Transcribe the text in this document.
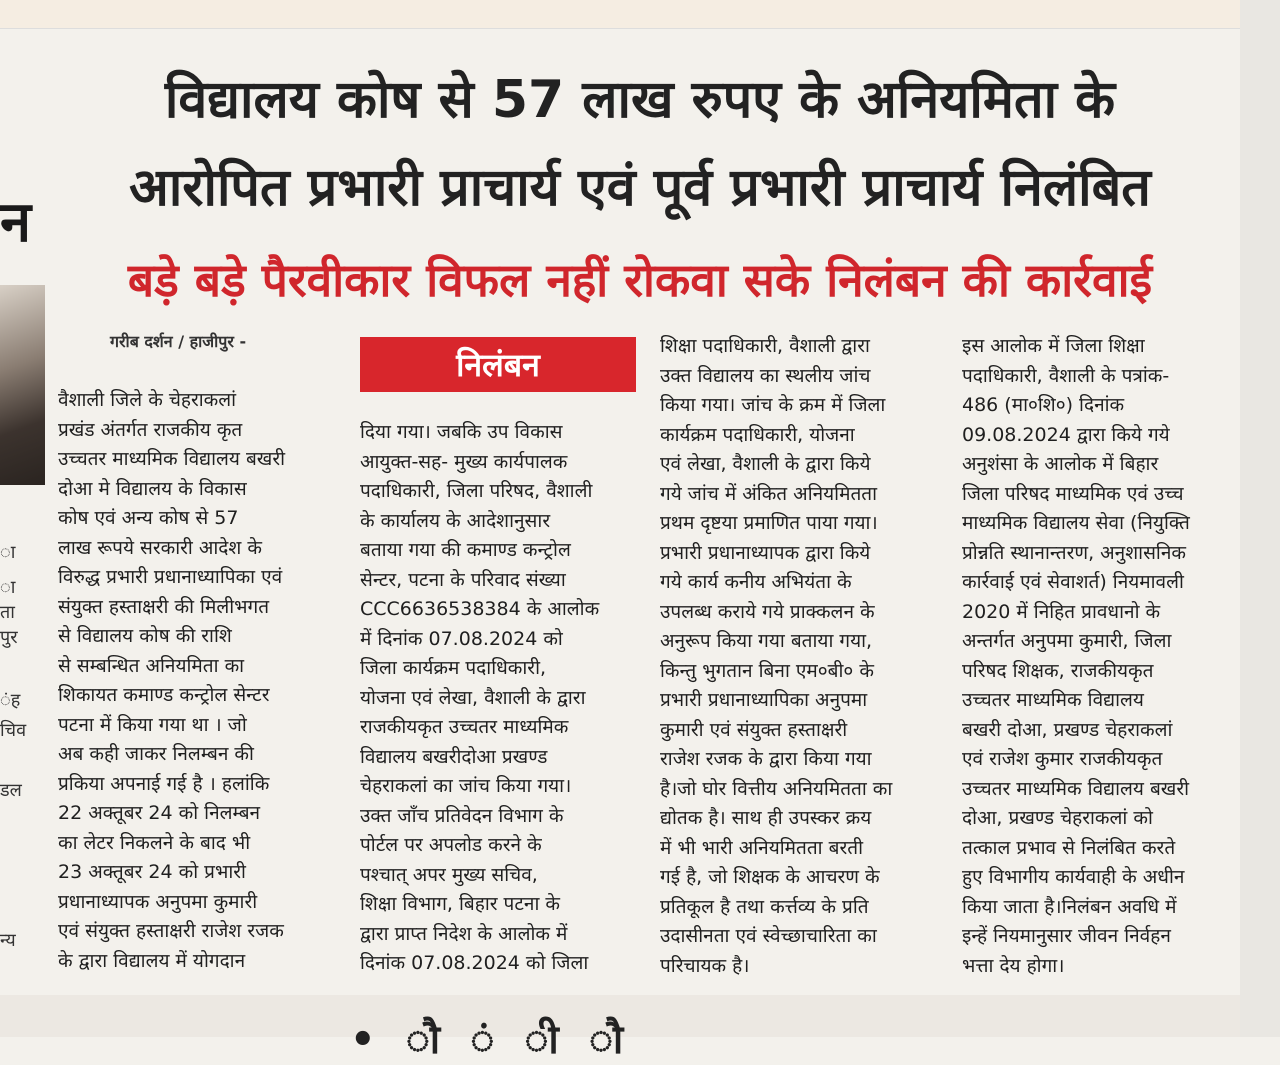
न
ा
ा
ता
पुर
ंह
चिव
डल
न्य
विद्यालय कोष से 57 लाख रुपए के अनियमिता के
आरोपित प्रभारी प्राचार्य एवं पूर्व प्रभारी प्राचार्य निलंबित
बड़े बड़े पैरवीकार विफल नहीं रोकवा सके निलंबन की कार्रवाई
गरीब दर्शन / हाजीपुर -
निलंबन

वैशाली जिले के चेहराकलां

प्रखंड अंतर्गत राजकीय कृत

उच्चतर माध्यमिक विद्यालय बखरी

दोआ मे विद्यालय के विकास

कोष एवं अन्य कोष से 57

लाख रूपये सरकारी आदेश के

विरुद्ध प्रभारी प्रधानाध्यापिका एवं

संयुक्त हस्ताक्षरी की मिलीभगत

से विद्यालय कोष की राशि

से सम्बन्धित अनियमिता का

शिकायत कमाण्ड कन्ट्रोल सेन्टर

पटना में किया गया था । जो

अब कही जाकर निलम्बन की

प्रकिया अपनाई गई है । हलांकि

22 अक्तूबर 24 को निलम्बन

का लेटर निकलने के बाद भी

23 अक्तूबर 24 को प्रभारी

प्रधानाध्यापक अनुपमा कुमारी

एवं संयुक्त हस्ताक्षरी राजेश रजक

के द्वारा विद्यालय में योगदान

दिया गया। जबकि उप विकास

आयुक्त-सह- मुख्य कार्यपालक

पदाधिकारी, जिला परिषद, वैशाली

के कार्यालय के आदेशानुसार

बताया गया की कमाण्ड कन्ट्रोल

सेन्टर, पटना के परिवाद संख्या

CCC6636538384 के आलोक

में दिनांक 07.08.2024 को

जिला कार्यक्रम पदाधिकारी,

योजना एवं लेखा, वैशाली के द्वारा

राजकीयकृत उच्चतर माध्यमिक

विद्यालय बखरीदोआ प्रखण्ड

चेहराकलां का जांच किया गया।

उक्त जाँच प्रतिवेदन विभाग के

पोर्टल पर अपलोड करने के

पश्चात् अपर मुख्य सचिव,

शिक्षा विभाग, बिहार पटना के

द्वारा प्राप्त निदेश के आलोक में

दिनांक 07.08.2024 को जिला

शिक्षा पदाधिकारी, वैशाली द्वारा

उक्त विद्यालय का स्थलीय जांच

किया गया। जांच के क्रम में जिला

कार्यक्रम पदाधिकारी, योजना

एवं लेखा, वैशाली के द्वारा किये

गये जांच में अंकित अनियमितता

प्रथम दृष्टया प्रमाणित पाया गया।

प्रभारी प्रधानाध्यापक द्वारा किये

गये कार्य कनीय अभियंता के

उपलब्ध कराये गये प्राक्कलन के

अनुरूप किया गया बताया गया,

किन्तु भुगतान बिना एम०बी० के

प्रभारी प्रधानाध्यापिका अनुपमा

कुमारी एवं संयुक्त हस्ताक्षरी

राजेश रजक के द्वारा किया गया

है।जो घोर वित्तीय अनियमितता का

द्योतक है। साथ ही उपस्कर क्रय

में भी भारी अनियमितता बरती

गई है, जो शिक्षक के आचरण के

प्रतिकूल है तथा कर्त्तव्य के प्रति

उदासीनता एवं स्वेच्छाचारिता का

परिचायक है।

इस आलोक में जिला शिक्षा

पदाधिकारी, वैशाली के पत्रांक-

486 (मा०शि०) दिनांक

09.08.2024 द्वारा किये गये

अनुशंसा के आलोक में बिहार

जिला परिषद माध्यमिक एवं उच्च

माध्यमिक विद्यालय सेवा (नियुक्ति

प्रोन्नति स्थानान्तरण, अनुशासनिक

कार्रवाई एवं सेवाशर्त) नियमावली

2020 में निहित प्रावधानो के

अन्तर्गत अनुपमा कुमारी, जिला

परिषद शिक्षक, राजकीयकृत

उच्चतर माध्यमिक विद्यालय

बखरी दोआ, प्रखण्ड चेहराकलां

एवं राजेश कुमार राजकीयकृत

उच्चतर माध्यमिक विद्यालय बखरी

दोआ, प्रखण्ड चेहराकलां को

तत्काल प्रभाव से निलंबित करते

हुए विभागीय कार्यवाही के अधीन

किया जाता है।निलंबन अवधि में

इन्हें नियमानुसार जीवन निर्वहन

भत्ता देय होगा।

• ौ ं ी ौ
